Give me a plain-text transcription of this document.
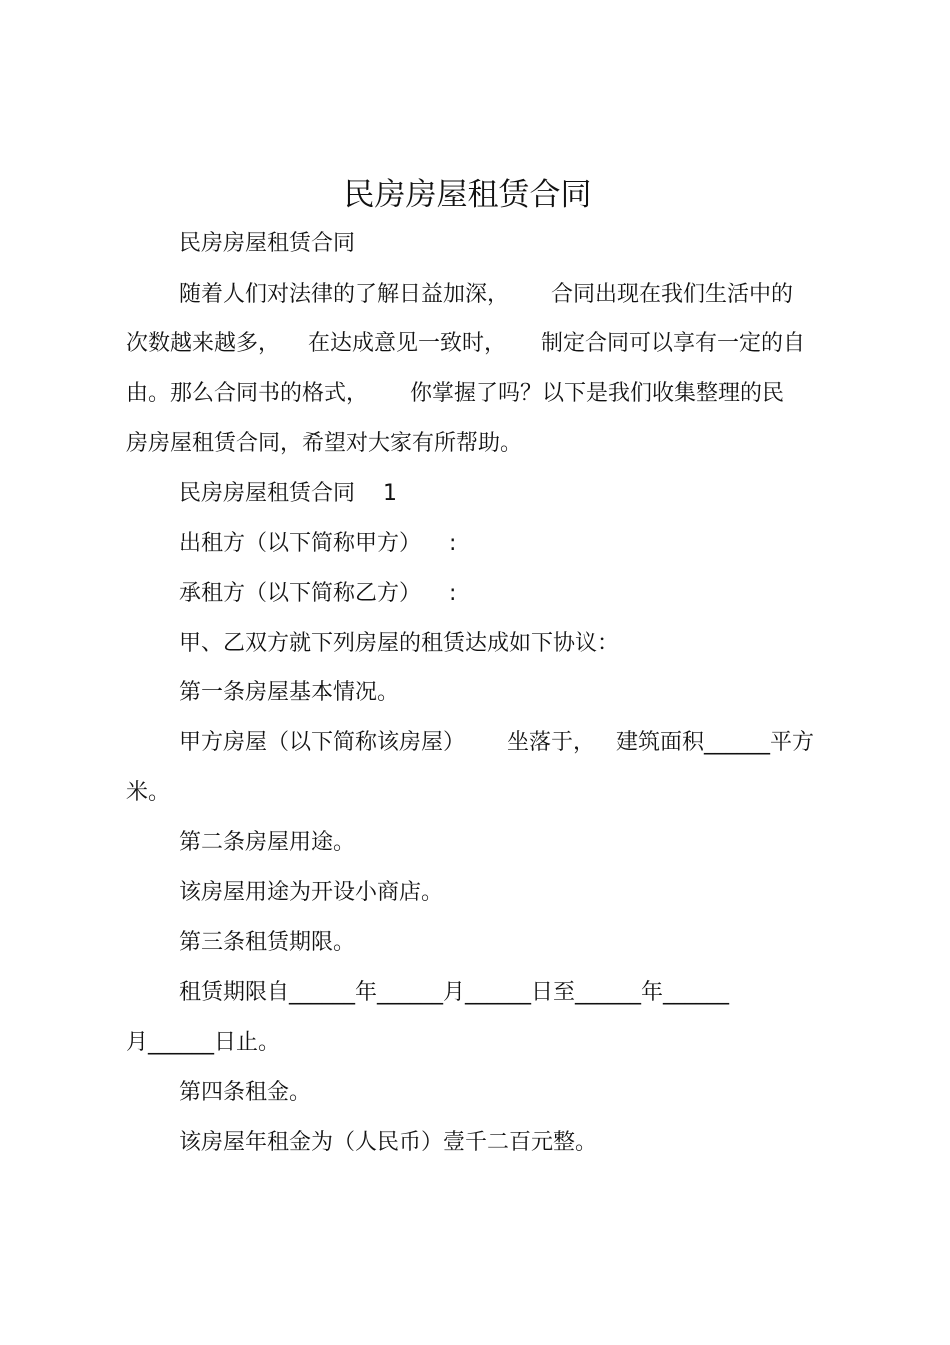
民房房屋租赁合同
民房房屋租赁合同
随着人们对法律的了解日益加深，      合同出现在我们生活中的
次数越来越多，    在达成意见一致时，     制定合同可以享有一定的自
由。那么合同书的格式，      你掌握了吗？以下是我们收集整理的民
房房屋租赁合同，希望对大家有所帮助。
民房房屋租赁合同    1
出租方（以下简称甲方）    :
承租方（以下简称乙方）    :
甲、乙双方就下列房屋的租赁达成如下协议：
第一条房屋基本情况。
甲方房屋（以下简称该房屋）      坐落于，   建筑面积______平方
米。
第二条房屋用途。
该房屋用途为开设小商店。
第三条租赁期限。
租赁期限自______年______月______日至______年______
月______日止。
第四条租金。
该房屋年租金为（人民币）壹千二百元整。
